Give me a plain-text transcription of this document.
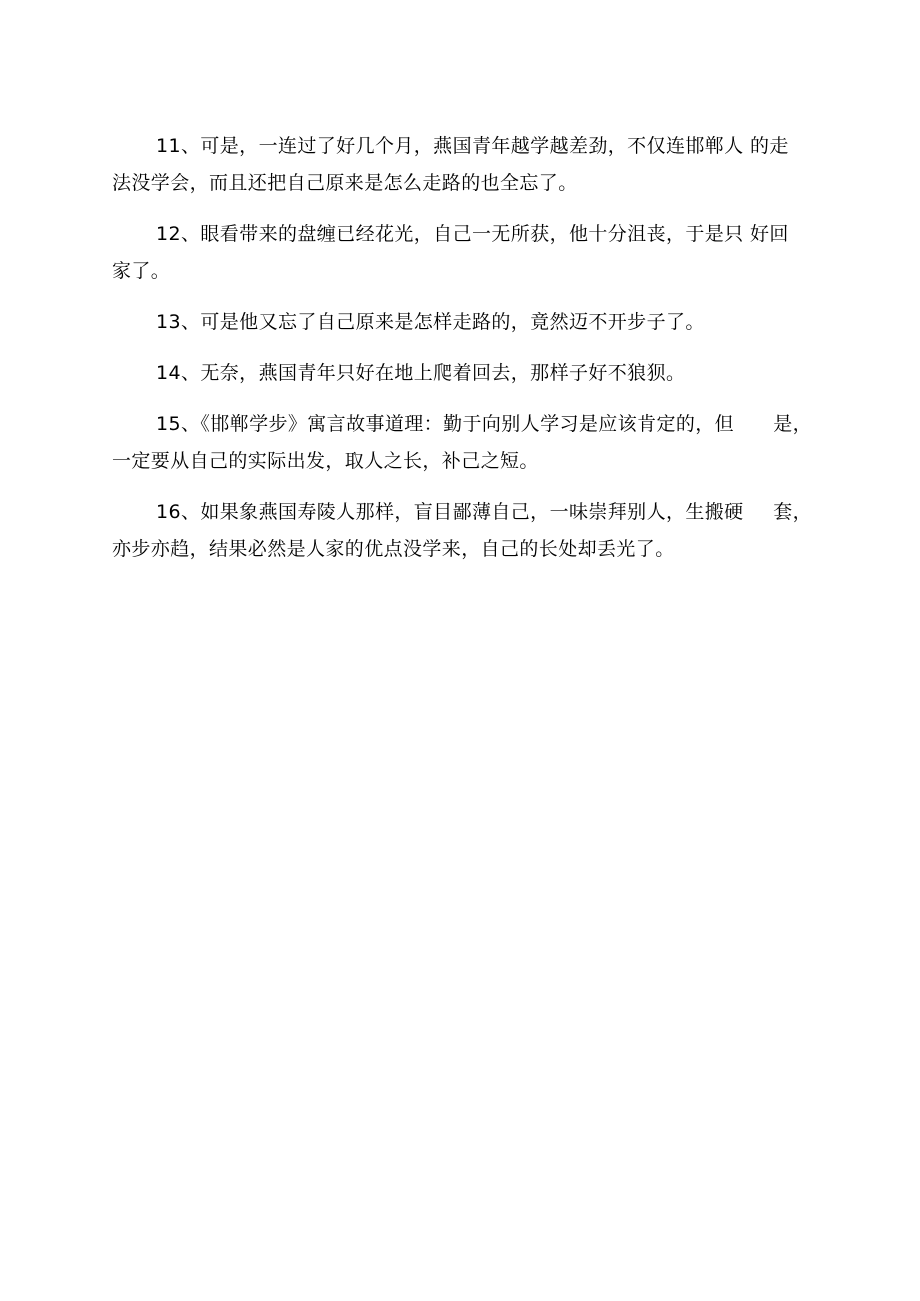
11、可是，一连过了好几个月，燕国青年越学越差劲，不仅连邯郸人 的走
法没学会，而且还把自己原来是怎么走路的也全忘了。

12、眼看带来的盘缠已经花光，自己一无所获，他十分沮丧，于是只 好回
家了。

13、可是他又忘了自己原来是怎样走路的，竟然迈不开步子了。

14、无奈，燕国青年只好在地上爬着回去，那样子好不狼狈。

15、《邯郸学步》寓言故事道理：勤于向别人学习是应该肯定的，但 是，
一定要从自己的实际出发，取人之长，补己之短。

16、如果象燕国寿陵人那样，盲目鄙薄自己，一味崇拜别人，生搬硬 套，
亦步亦趋，结果必然是人家的优点没学来，自己的长处却丢光了。
